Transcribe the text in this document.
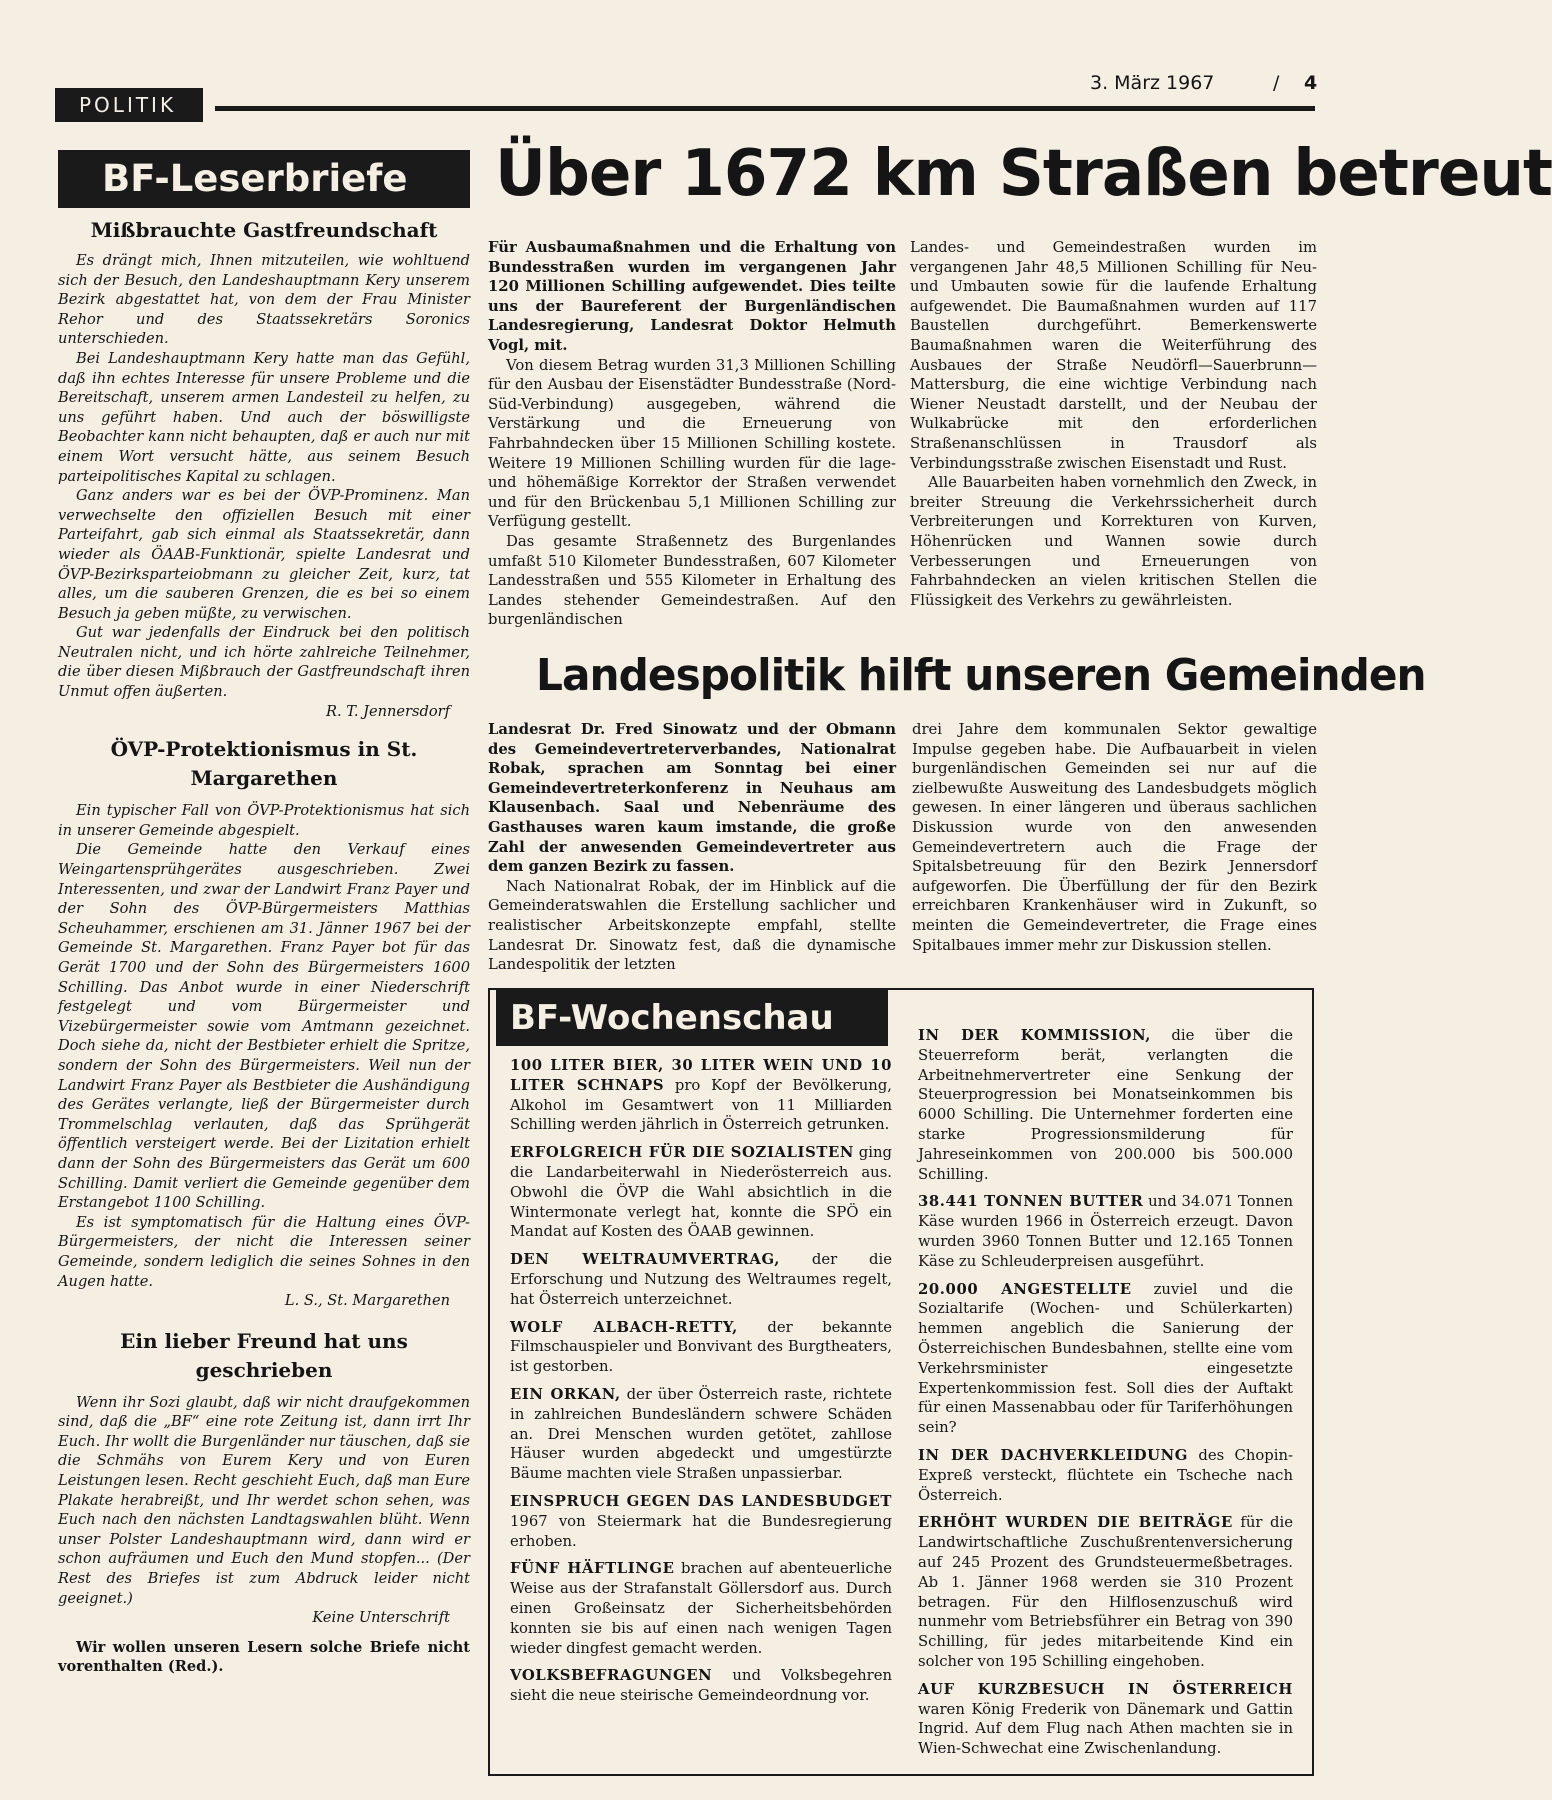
POLITIK
3. März 1967	/ 4
BF-Leserbriefe
Mißbrauchte Gastfreundschaft

Es drängt mich, Ihnen mitzuteilen, wie wohltuend sich der Besuch, den Landeshauptmann Kery unserem Bezirk abgestattet hat, von dem der Frau Minister Rehor und des Staatssekretärs Soronics unterschieden.

Bei Landeshauptmann Kery hatte man das Gefühl, daß ihn echtes Interesse für unsere Probleme und die Bereitschaft, unserem armen Landesteil zu helfen, zu uns geführt haben. Und auch der böswilligste Beobachter kann nicht behaupten, daß er auch nur mit einem Wort versucht hätte, aus seinem Besuch parteipolitisches Kapital zu schlagen.

Ganz anders war es bei der ÖVP-Prominenz. Man verwechselte den offiziellen Besuch mit einer Parteifahrt, gab sich einmal als Staatssekretär, dann wieder als ÖAAB-Funktionär, spielte Landesrat und ÖVP-Bezirksparteiobmann zu gleicher Zeit, kurz, tat alles, um die sauberen Grenzen, die es bei so einem Besuch ja geben müßte, zu verwischen.

Gut war jedenfalls der Eindruck bei den politisch Neutralen nicht, und ich hörte zahlreiche Teilnehmer, die über diesen Mißbrauch der Gastfreundschaft ihren Unmut offen äußerten.

R. T. Jennersdorf
ÖVP-Protektionismus in St. Margarethen

Ein typischer Fall von ÖVP-Protektionismus hat sich in unserer Gemeinde abgespielt.

Die Gemeinde hatte den Verkauf eines Weingartensprühgerätes ausgeschrieben. Zwei Interessenten, und zwar der Landwirt Franz Payer und der Sohn des ÖVP-Bürgermeisters Matthias Scheuhammer, erschienen am 31. Jänner 1967 bei der Gemeinde St. Margarethen. Franz Payer bot für das Gerät 1700 und der Sohn des Bürgermeisters 1600 Schilling. Das Anbot wurde in einer Niederschrift festgelegt und vom Bürgermeister und Vizebürgermeister sowie vom Amtmann gezeichnet. Doch siehe da, nicht der Bestbieter erhielt die Spritze, sondern der Sohn des Bürgermeisters. Weil nun der Landwirt Franz Payer als Bestbieter die Aushändigung des Gerätes verlangte, ließ der Bürgermeister durch Trommelschlag verlauten, daß das Sprühgerät öffentlich versteigert werde. Bei der Lizitation erhielt dann der Sohn des Bürgermeisters das Gerät um 600 Schilling. Damit verliert die Gemeinde gegenüber dem Erstangebot 1100 Schilling.

Es ist symptomatisch für die Haltung eines ÖVP-Bürgermeisters, der nicht die Interessen seiner Gemeinde, sondern lediglich die seines Sohnes in den Augen hatte.

L. S., St. Margarethen
Ein lieber Freund hat uns geschrieben

Wenn ihr Sozi glaubt, daß wir nicht draufgekommen sind, daß die „BF“ eine rote Zeitung ist, dann irrt Ihr Euch. Ihr wollt die Burgenländer nur täuschen, daß sie die Schmähs von Eurem Kery und von Euren Leistungen lesen. Recht geschieht Euch, daß man Eure Plakate herabreißt, und Ihr werdet schon sehen, was Euch nach den nächsten Landtagswahlen blüht. Wenn unser Polster Landeshauptmann wird, dann wird er schon aufräumen und Euch den Mund stopfen... (Der Rest des Briefes ist zum Abdruck leider nicht geeignet.)

Keine Unterschrift
Wir wollen unseren Lesern solche Briefe nicht vorenthalten (Red.).
Über 1672 km Straßen betreut

Für Ausbaumaßnahmen und die Erhaltung von Bundesstraßen wurden im vergangenen Jahr 120 Millionen Schilling aufgewendet. Dies teilte uns der Baureferent der Burgenländischen Landesregierung, Landesrat Doktor Helmuth Vogl, mit.

Von diesem Betrag wurden 31,3 Millionen Schilling für den Ausbau der Eisenstädter Bundesstraße (Nord-Süd-Verbindung) ausgegeben, während die Verstärkung und die Erneuerung von Fahrbahndecken über 15 Millionen Schilling kostete. Weitere 19 Millionen Schilling wurden für die lage- und höhemäßige Korrektor der Straßen verwendet und für den Brückenbau 5,1 Millionen Schilling zur Verfügung gestellt.

Das gesamte Straßennetz des Burgenlandes umfaßt 510 Kilometer Bundesstraßen, 607 Kilometer Landesstraßen und 555 Kilometer in Erhaltung des Landes stehender Gemeindestraßen. Auf den burgenländischen

Landes- und Gemeindestraßen wurden im vergangenen Jahr 48,5 Millionen Schilling für Neu- und Umbauten sowie für die laufende Erhaltung aufgewendet. Die Baumaßnahmen wurden auf 117 Baustellen durchgeführt. Bemerkenswerte Baumaßnahmen waren die Weiterführung des Ausbaues der Straße Neudörfl—Sauerbrunn—Mattersburg, die eine wichtige Verbindung nach Wiener Neustadt darstellt, und der Neubau der Wulkabrücke mit den erforderlichen Straßenanschlüssen in Trausdorf als Verbindungsstraße zwischen Eisenstadt und Rust.

Alle Bauarbeiten haben vornehmlich den Zweck, in breiter Streuung die Verkehrssicherheit durch Verbreiterungen und Korrekturen von Kurven, Höhenrücken und Wannen sowie durch Verbesserungen und Erneuerungen von Fahrbahndecken an vielen kritischen Stellen die Flüssigkeit des Verkehrs zu gewährleisten.

Landespolitik hilft unseren Gemeinden

Landesrat Dr. Fred Sinowatz und der Obmann des Gemeindevertreterverbandes, Nationalrat Robak, sprachen am Sonntag bei einer Gemeindevertreterkonferenz in Neuhaus am Klausenbach. Saal und Nebenräume des Gasthauses waren kaum imstande, die große Zahl der anwesenden Gemeindevertreter aus dem ganzen Bezirk zu fassen.

Nach Nationalrat Robak, der im Hinblick auf die Gemeinderatswahlen die Erstellung sachlicher und realistischer Arbeitskonzepte empfahl, stellte Landesrat Dr. Sinowatz fest, daß die dynamische Landespolitik der letzten

drei Jahre dem kommunalen Sektor gewaltige Impulse gegeben habe. Die Aufbauarbeit in vielen burgenländischen Gemeinden sei nur auf die zielbewußte Ausweitung des Landesbudgets möglich gewesen. In einer längeren und überaus sachlichen Diskussion wurde von den anwesenden Gemeindevertretern auch die Frage der Spitalsbetreuung für den Bezirk Jennersdorf aufgeworfen. Die Überfüllung der für den Bezirk erreichbaren Krankenhäuser wird in Zukunft, so meinten die Gemeindevertreter, die Frage eines Spitalbaues immer mehr zur Diskussion stellen.

BF-Wochenschau

100 LITER BIER, 30 LITER WEIN UND 10 LITER SCHNAPS pro Kopf der Bevölkerung, Alkohol im Gesamtwert von 11 Milliarden Schilling werden jährlich in Österreich getrunken.

ERFOLGREICH FÜR DIE SOZIALISTEN ging die Landarbeiterwahl in Niederösterreich aus. Obwohl die ÖVP die Wahl absichtlich in die Wintermonate verlegt hat, konnte die SPÖ ein Mandat auf Kosten des ÖAAB gewinnen.

DEN WELTRAUMVERTRAG, der die Erforschung und Nutzung des Weltraumes regelt, hat Österreich unterzeichnet.

WOLF ALBACH-RETTY, der bekannte Filmschauspieler und Bonvivant des Burgtheaters, ist gestorben.

EIN ORKAN, der über Österreich raste, richtete in zahlreichen Bundesländern schwere Schäden an. Drei Menschen wurden getötet, zahllose Häuser wurden abgedeckt und umgestürzte Bäume machten viele Straßen unpassierbar.

EINSPRUCH GEGEN DAS LANDESBUDGET 1967 von Steiermark hat die Bundesregierung erhoben.

FÜNF HÄFTLINGE brachen auf abenteuerliche Weise aus der Strafanstalt Göllersdorf aus. Durch einen Großeinsatz der Sicherheitsbehörden konnten sie bis auf einen nach wenigen Tagen wieder dingfest gemacht werden.

VOLKSBEFRAGUNGEN und Volksbegehren sieht die neue steirische Gemeindeordnung vor.

IN DER KOMMISSION, die über die Steuerreform berät, verlangten die Arbeitnehmervertreter eine Senkung der Steuerprogression bei Monatseinkommen bis 6000 Schilling. Die Unternehmer forderten eine starke Progressionsmilderung für Jahreseinkommen von 200.000 bis 500.000 Schilling.

38.441 TONNEN BUTTER und 34.071 Tonnen Käse wurden 1966 in Österreich erzeugt. Davon wurden 3960 Tonnen Butter und 12.165 Tonnen Käse zu Schleuderpreisen ausgeführt.

20.000 ANGESTELLTE zuviel und die Sozialtarife (Wochen- und Schülerkarten) hemmen angeblich die Sanierung der Österreichischen Bundesbahnen, stellte eine vom Verkehrsminister eingesetzte Expertenkommission fest. Soll dies der Auftakt für einen Massenabbau oder für Tariferhöhungen sein?

IN DER DACHVERKLEIDUNG des Chopin-Expreß versteckt, flüchtete ein Tscheche nach Österreich.

ERHÖHT WURDEN DIE BEITRÄGE für die Landwirtschaftliche Zuschußrentenversicherung auf 245 Prozent des Grundsteuermeßbetrages. Ab 1. Jänner 1968 werden sie 310 Prozent betragen. Für den Hilflosenzuschuß wird nunmehr vom Betriebsführer ein Betrag von 390 Schilling, für jedes mitarbeitende Kind ein solcher von 195 Schilling eingehoben.

AUF KURZBESUCH IN ÖSTERREICH waren König Frederik von Dänemark und Gattin Ingrid. Auf dem Flug nach Athen machten sie in Wien-Schwechat eine Zwischenlandung.
